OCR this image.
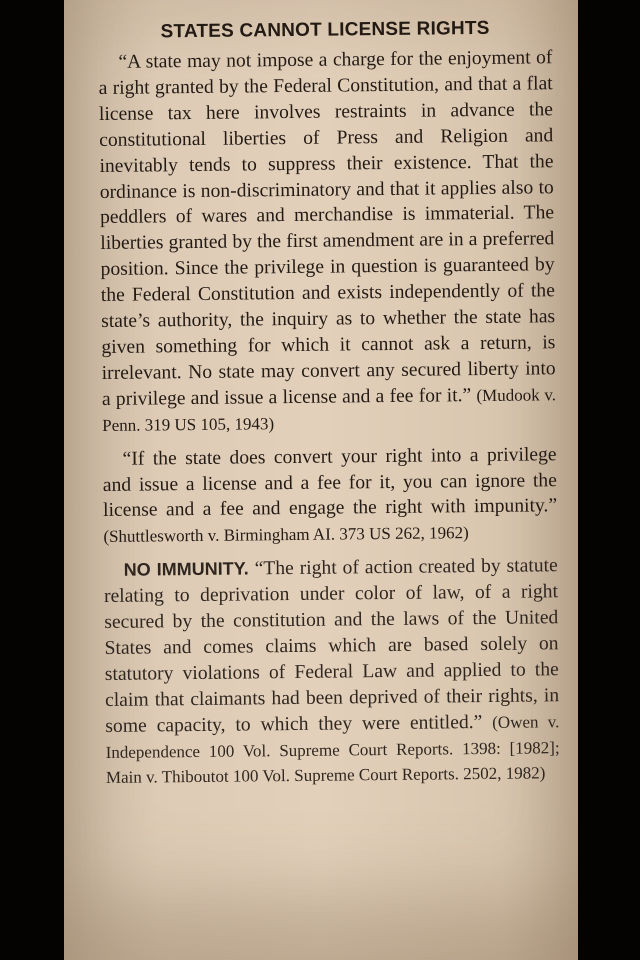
STATES CANNOT LICENSE RIGHTS

“A state may not impose a charge for the enjoyment of a right granted by the Federal Constitution, and that a flat license tax here involves restraints in advance the constitutional liberties of Press and Religion and inevitably tends to suppress their existence. That the ordinance is non-discriminatory and that it applies also to peddlers of wares and merchandise is immaterial. The liberties granted by the first amendment are in a preferred position. Since the privilege in question is guaranteed by the Federal Constitution and exists independently of the state’s authority, the inquiry as to whether the state has given something for which it cannot ask a return, is irrelevant. No state may convert any secured liberty into a privilege and issue a license and a fee for it.” (Mudook v. Penn. 319 US 105, 1943)

“If the state does convert your right into a privilege and issue a license and a fee for it, you can ignore the license and a fee and engage the right with impunity.” (Shuttlesworth v. Birmingham AI. 373 US 262, 1962)

NO IMMUNITY. “The right of action created by statute relating to deprivation under color of law, of a right secured by the constitution and the laws of the United States and comes claims which are based solely on statutory violations of Federal Law and applied to the claim that claimants had been deprived of their rights, in some capacity, to which they were entitled.” (Owen v. Independence 100 Vol. Supreme Court Reports. 1398: [1982]; Main v. Thiboutot 100 Vol. Supreme Court Reports. 2502, 1982)
